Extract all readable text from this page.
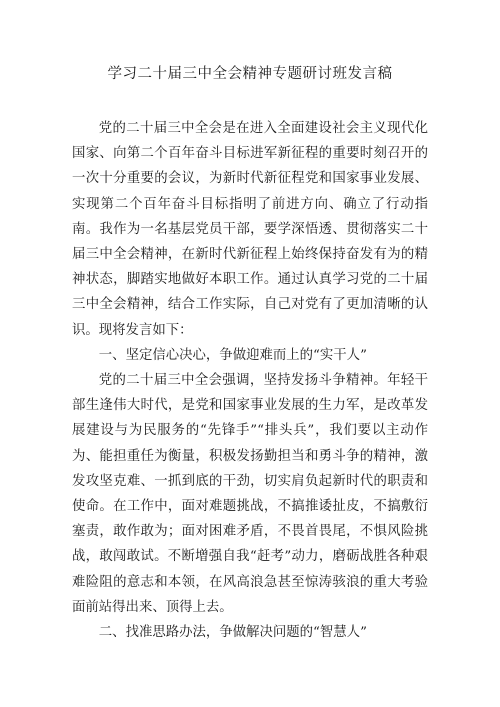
学习二十届三中全会精神专题研讨班发言稿

党的二十届三中全会是在进入全面建设社会主义现代化国家、向第二个百年奋斗目标进军新征程的重要时刻召开的一次十分重要的会议，为新时代新征程党和国家事业发展、实现第二个百年奋斗目标指明了前进方向、确立了行动指南。我作为一名基层党员干部，要学深悟透、贯彻落实二十届三中全会精神，在新时代新征程上始终保持奋发有为的精神状态，脚踏实地做好本职工作。通过认真学习党的二十届三中全会精神，结合工作实际，自己对党有了更加清晰的认识。现将发言如下：

一、坚定信心决心，争做迎难而上的“实干人”

党的二十届三中全会强调，坚持发扬斗争精神。年轻干部生逢伟大时代，是党和国家事业发展的生力军，是改革发展建设与为民服务的“先锋手”“排头兵”，我们要以主动作为、能担重任为衡量，积极发扬勤担当和勇斗争的精神，激发攻坚克难、一抓到底的干劲，切实肩负起新时代的职责和使命。在工作中，面对难题挑战，不搞推诿扯皮，不搞敷衍塞责，敢作敢为；面对困难矛盾，不畏首畏尾，不惧风险挑战，敢闯敢试。不断增强自我“赶考”动力，磨砺战胜各种艰难险阻的意志和本领，在风高浪急甚至惊涛骇浪的重大考验面前站得出来、顶得上去。

二、找准思路办法，争做解决问题的“智慧人”
